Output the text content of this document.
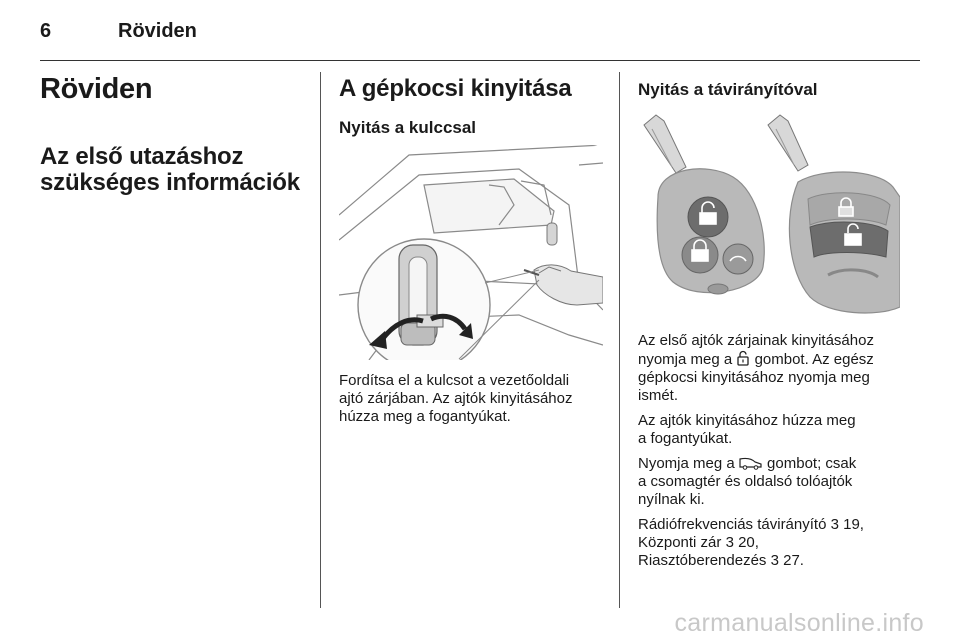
6	Röviden
Röviden
Az első utazáshoz
szükséges információk
A gépkocsi kinyitása
Nyitás a kulccsal
Fordítsa el a kulcsot a vezetőoldali
ajtó zárjában. Az ajtók kinyitásához
húzza meg a fogantyúkat.
Nyitás a távirányítóval

Az első ajtók zárjainak kinyitásához
nyomja meg a gombot. Az egész
gépkocsi kinyitásához nyomja meg
ismét.

Az ajtók kinyitásához húzza meg
a fogantyúkat.

Nyomja meg a gombot; csak
a csomagtér és oldalsó tolóajtók
nyílnak ki.

Rádiófrekvenciás távirányító 3 19,
Központi zár 3 20,
Riasztóberendezés 3 27.

carmanualsonline.info
